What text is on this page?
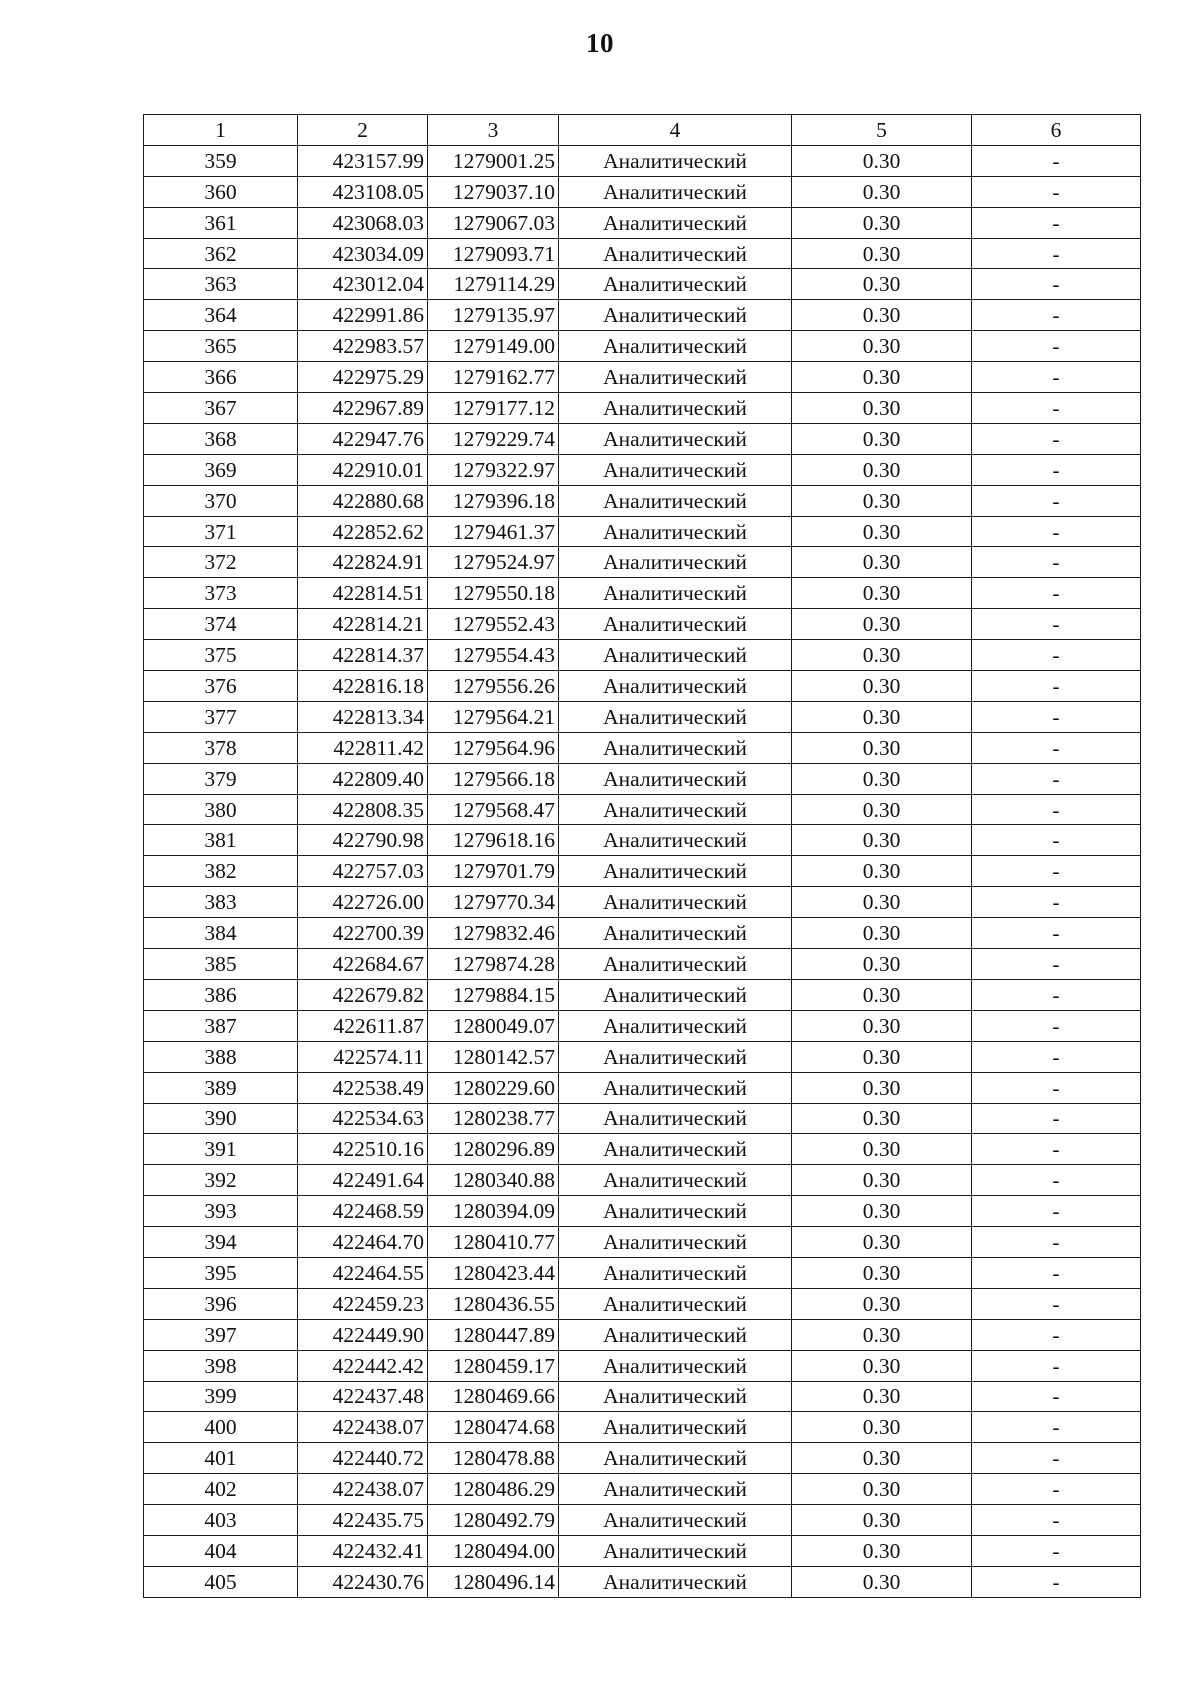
10
1	2	3	4	5	6
359	423157.99	1279001.25	Аналитический	0.30	-
360	423108.05	1279037.10	Аналитический	0.30	-
361	423068.03	1279067.03	Аналитический	0.30	-
362	423034.09	1279093.71	Аналитический	0.30	-
363	423012.04	1279114.29	Аналитический	0.30	-
364	422991.86	1279135.97	Аналитический	0.30	-
365	422983.57	1279149.00	Аналитический	0.30	-
366	422975.29	1279162.77	Аналитический	0.30	-
367	422967.89	1279177.12	Аналитический	0.30	-
368	422947.76	1279229.74	Аналитический	0.30	-
369	422910.01	1279322.97	Аналитический	0.30	-
370	422880.68	1279396.18	Аналитический	0.30	-
371	422852.62	1279461.37	Аналитический	0.30	-
372	422824.91	1279524.97	Аналитический	0.30	-
373	422814.51	1279550.18	Аналитический	0.30	-
374	422814.21	1279552.43	Аналитический	0.30	-
375	422814.37	1279554.43	Аналитический	0.30	-
376	422816.18	1279556.26	Аналитический	0.30	-
377	422813.34	1279564.21	Аналитический	0.30	-
378	422811.42	1279564.96	Аналитический	0.30	-
379	422809.40	1279566.18	Аналитический	0.30	-
380	422808.35	1279568.47	Аналитический	0.30	-
381	422790.98	1279618.16	Аналитический	0.30	-
382	422757.03	1279701.79	Аналитический	0.30	-
383	422726.00	1279770.34	Аналитический	0.30	-
384	422700.39	1279832.46	Аналитический	0.30	-
385	422684.67	1279874.28	Аналитический	0.30	-
386	422679.82	1279884.15	Аналитический	0.30	-
387	422611.87	1280049.07	Аналитический	0.30	-
388	422574.11	1280142.57	Аналитический	0.30	-
389	422538.49	1280229.60	Аналитический	0.30	-
390	422534.63	1280238.77	Аналитический	0.30	-
391	422510.16	1280296.89	Аналитический	0.30	-
392	422491.64	1280340.88	Аналитический	0.30	-
393	422468.59	1280394.09	Аналитический	0.30	-
394	422464.70	1280410.77	Аналитический	0.30	-
395	422464.55	1280423.44	Аналитический	0.30	-
396	422459.23	1280436.55	Аналитический	0.30	-
397	422449.90	1280447.89	Аналитический	0.30	-
398	422442.42	1280459.17	Аналитический	0.30	-
399	422437.48	1280469.66	Аналитический	0.30	-
400	422438.07	1280474.68	Аналитический	0.30	-
401	422440.72	1280478.88	Аналитический	0.30	-
402	422438.07	1280486.29	Аналитический	0.30	-
403	422435.75	1280492.79	Аналитический	0.30	-
404	422432.41	1280494.00	Аналитический	0.30	-
405	422430.76	1280496.14	Аналитический	0.30	-
